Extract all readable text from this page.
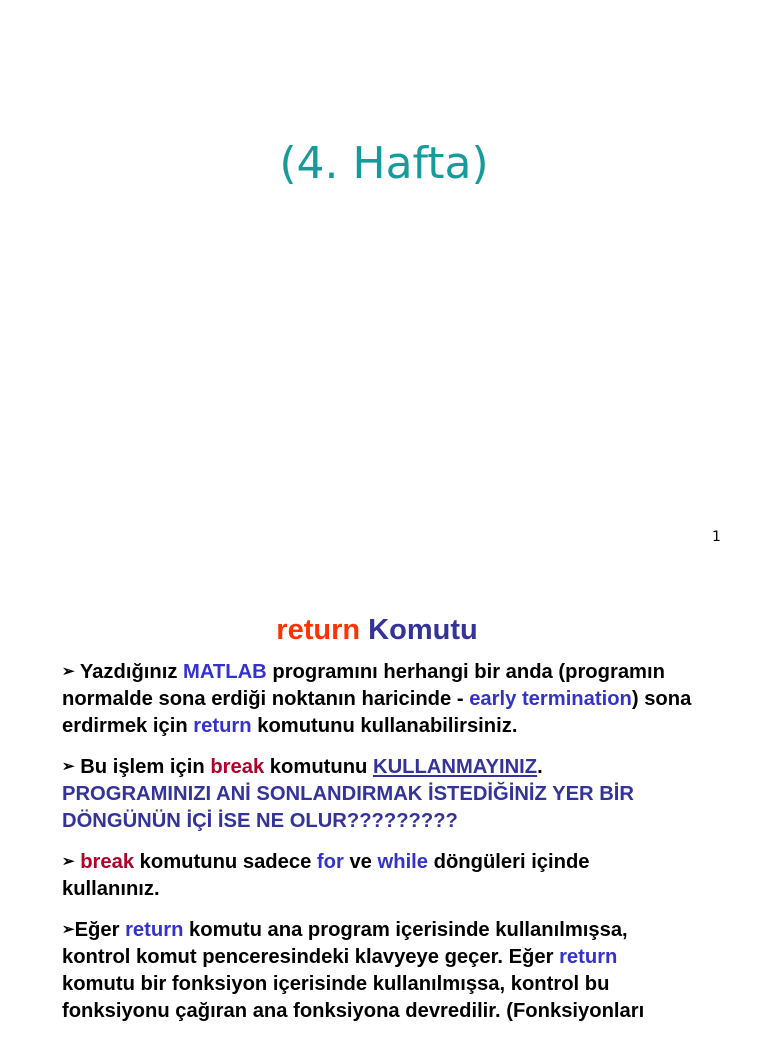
(4. Hafta)
1
return Komutu
➢ Yazdığınız MATLAB programını herhangi bir anda (programın
normalde sona erdiği noktanın haricinde - early termination) sona
erdirmek için return komutunu kullanabilirsiniz.
➢ Bu işlem için break komutunu KULLANMAYINIZ.
PROGRAMINIZI ANİ SONLANDIRMAK İSTEDİĞİNİZ YER BİR
DÖNGÜNÜN İÇİ İSE NE OLUR?????????
➢ break komutunu sadece for ve while döngüleri içinde
kullanınız.
➢Eğer return komutu ana program içerisinde kullanılmışsa,
kontrol komut penceresindeki klavyeye geçer. Eğer return
komutu bir fonksiyon içerisinde kullanılmışsa, kontrol bu
fonksiyonu çağıran ana fonksiyona devredilir. (Fonksiyonları
